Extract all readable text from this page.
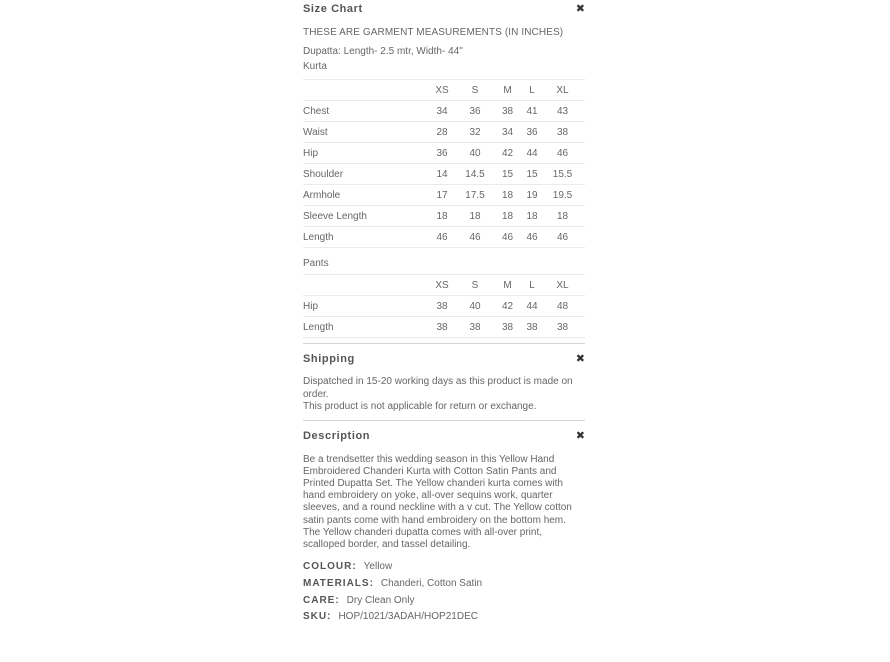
Size Chart	✖
THESE ARE GARMENT MEASUREMENTS (IN INCHES)
Dupatta: Length- 2.5 mtr, Width- 44"
Kurta
	XS	S	M	L	XL
Chest	34	36	38	41	43
Waist	28	32	34	36	38
Hip	36	40	42	44	46
Shoulder	14	14.5	15	15	15.5
Armhole	17	17.5	18	19	19.5
Sleeve Length	18	18	18	18	18
Length	46	46	46	46	46
Pants
	XS	S	M	L	XL
Hip	38	40	42	44	48
Length	38	38	38	38	38
Shipping	✖
Dispatched in 15-20 working days as this product is made on order.
This product is not applicable for return or exchange.
Description	✖

Be a trendsetter this wedding season in this Yellow Hand Embroidered Chanderi Kurta with Cotton Satin Pants and Printed Dupatta Set. The Yellow chanderi kurta comes with hand embroidery on yoke, all-over sequins work, quarter sleeves, and a round neckline with a v cut. The Yellow cotton satin pants come with hand embroidery on the bottom hem. The Yellow chanderi dupatta comes with all-over print, scalloped border, and tassel detailing.

COLOUR: Yellow
MATERIALS: Chanderi, Cotton Satin
CARE: Dry Clean Only
SKU: HOP/1021/3ADAH/HOP21DEC
